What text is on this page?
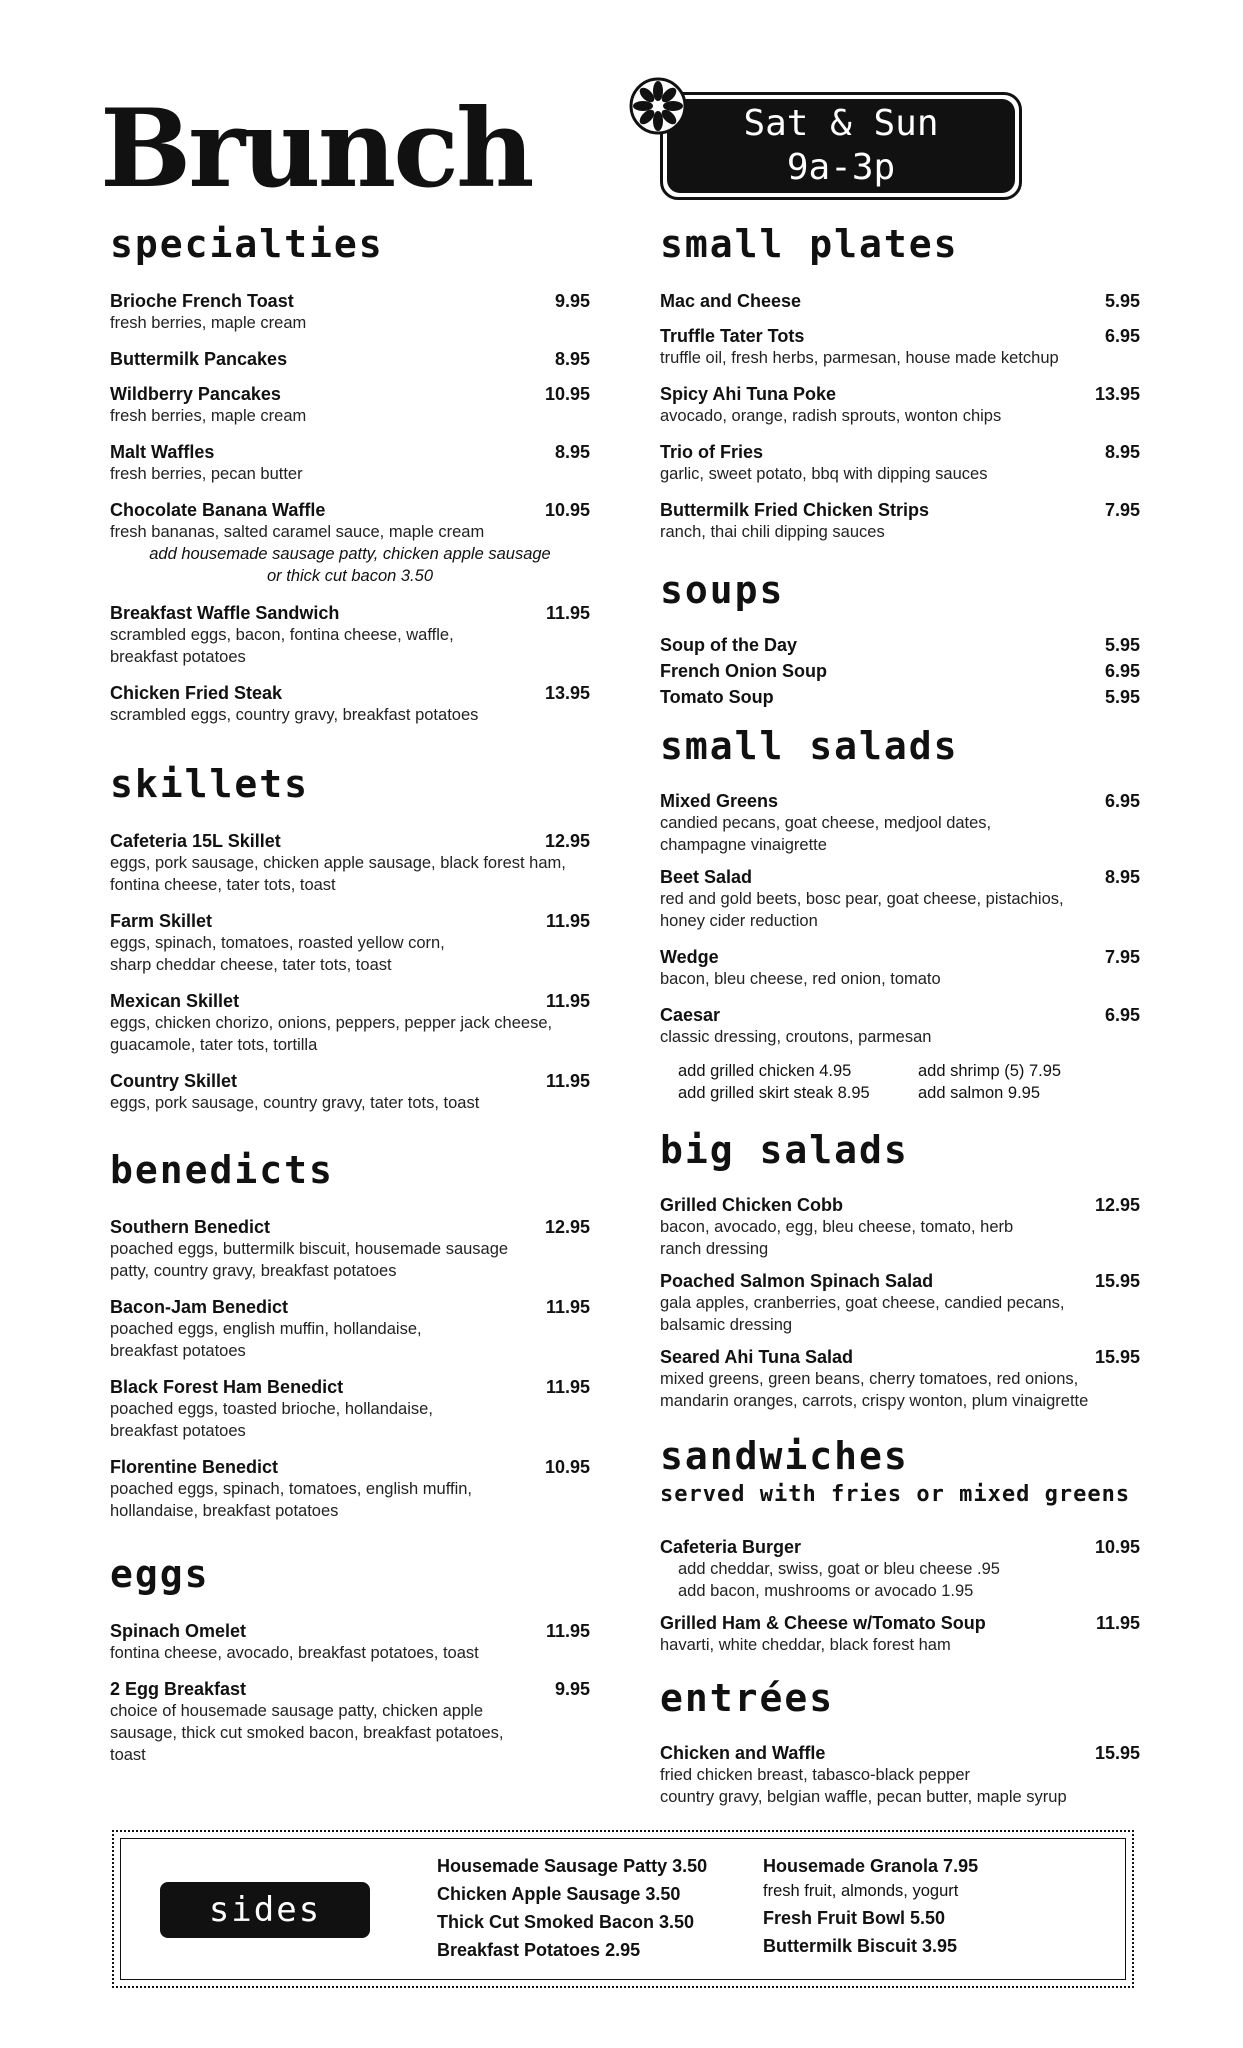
Brunch	Sat & Sun
9a-3p
specialties
Brioche French Toast	9.95
fresh berries, maple cream
Buttermilk Pancakes	8.95
Wildberry Pancakes	10.95
fresh berries, maple cream
Malt Waffles	8.95
fresh berries, pecan butter
Chocolate Banana Waffle	10.95
fresh bananas, salted caramel sauce, maple cream
add housemade sausage patty, chicken apple sausage or thick cut bacon 3.50
Breakfast Waffle Sandwich	11.95
scrambled eggs, bacon, fontina cheese, waffle, breakfast potatoes
Chicken Fried Steak	13.95
scrambled eggs, country gravy, breakfast potatoes
skillets
Cafeteria 15L Skillet	12.95
eggs, pork sausage, chicken apple sausage, black forest ham, fontina cheese, tater tots, toast
Farm Skillet	11.95
eggs, spinach, tomatoes, roasted yellow corn, sharp cheddar cheese, tater tots, toast
Mexican Skillet	11.95
eggs, chicken chorizo, onions, peppers, pepper jack cheese, guacamole, tater tots, tortilla
Country Skillet	11.95
eggs, pork sausage, country gravy, tater tots, toast
benedicts
Southern Benedict	12.95
poached eggs, buttermilk biscuit, housemade sausage patty, country gravy, breakfast potatoes
Bacon-Jam Benedict	11.95
poached eggs, english muffin, hollandaise, breakfast potatoes
Black Forest Ham Benedict	11.95
poached eggs, toasted brioche, hollandaise, breakfast potatoes
Florentine Benedict	10.95
poached eggs, spinach, tomatoes, english muffin, hollandaise, breakfast potatoes
eggs
Spinach Omelet	11.95
fontina cheese, avocado, breakfast potatoes, toast
2 Egg Breakfast	9.95
choice of housemade sausage patty, chicken apple sausage, thick cut smoked bacon, breakfast potatoes, toast
small plates
Mac and Cheese	5.95
Truffle Tater Tots	6.95
truffle oil, fresh herbs, parmesan, house made ketchup
Spicy Ahi Tuna Poke	13.95
avocado, orange, radish sprouts, wonton chips
Trio of Fries	8.95
garlic, sweet potato, bbq with dipping sauces
Buttermilk Fried Chicken Strips	7.95
ranch, thai chili dipping sauces
soups
Soup of the Day	5.95
French Onion Soup	6.95
Tomato Soup	5.95
small salads
Mixed Greens	6.95
candied pecans, goat cheese, medjool dates, champagne vinaigrette
Beet Salad	8.95
red and gold beets, bosc pear, goat cheese, pistachios, honey cider reduction
Wedge	7.95
bacon, bleu cheese, red onion, tomato
Caesar	6.95
classic dressing, croutons, parmesan
add grilled chicken 4.95	add shrimp (5) 7.95
add grilled skirt steak 8.95	add salmon 9.95
big salads
Grilled Chicken Cobb	12.95
bacon, avocado, egg, bleu cheese, tomato, herb ranch dressing
Poached Salmon Spinach Salad	15.95
gala apples, cranberries, goat cheese, candied pecans, balsamic dressing
Seared Ahi Tuna Salad	15.95
mixed greens, green beans, cherry tomatoes, red onions, mandarin oranges, carrots, crispy wonton, plum vinaigrette
sandwiches
served with fries or mixed greens
Cafeteria Burger	10.95
add cheddar, swiss, goat or bleu cheese .95
add bacon, mushrooms or avocado 1.95
Grilled Ham & Cheese w/Tomato Soup	11.95
havarti, white cheddar, black forest ham
entrées
Chicken and Waffle	15.95
fried chicken breast, tabasco-black pepper
country gravy, belgian waffle, pecan butter, maple syrup
sides
Housemade Sausage Patty 3.50
Chicken Apple Sausage 3.50
Thick Cut Smoked Bacon 3.50
Breakfast Potatoes 2.95
Housemade Granola 7.95
fresh fruit, almonds, yogurt
Fresh Fruit Bowl 5.50
Buttermilk Biscuit 3.95
